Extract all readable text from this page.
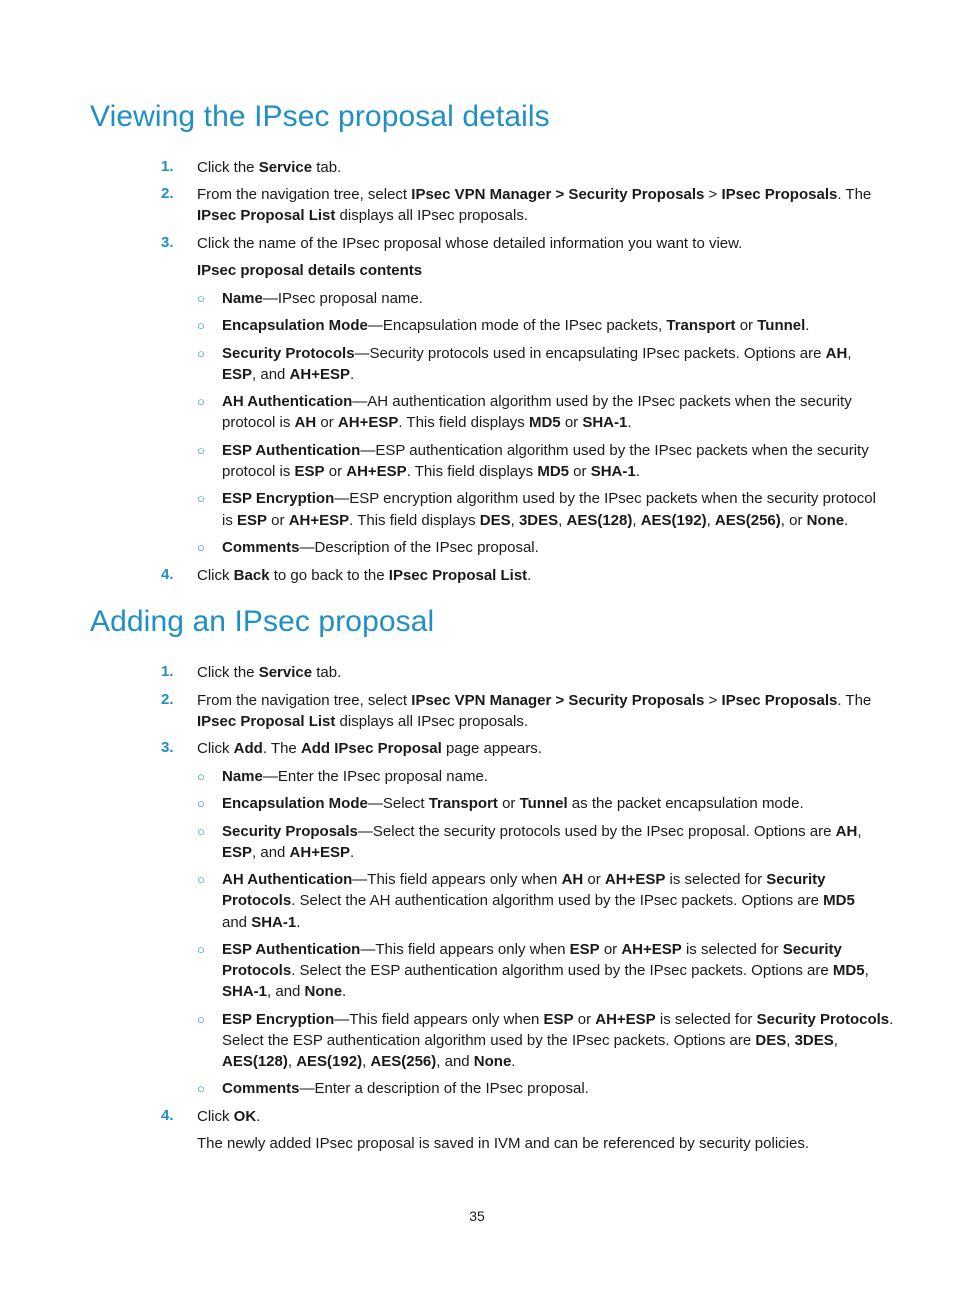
Viewing the IPsec proposal details
1. Click the Service tab.
2. From the navigation tree, select IPsec VPN Manager > Security Proposals > IPsec Proposals. The
IPsec Proposal List displays all IPsec proposals.
3. Click the name of the IPsec proposal whose detailed information you want to view.
IPsec proposal details contents
○ Name—IPsec proposal name.
○ Encapsulation Mode—Encapsulation mode of the IPsec packets, Transport or Tunnel.
○ Security Protocols—Security protocols used in encapsulating IPsec packets. Options are AH,
ESP, and AH+ESP.
○ AH Authentication—AH authentication algorithm used by the IPsec packets when the security
protocol is AH or AH+ESP. This field displays MD5 or SHA-1.
○ ESP Authentication—ESP authentication algorithm used by the IPsec packets when the security
protocol is ESP or AH+ESP. This field displays MD5 or SHA-1.
○ ESP Encryption—ESP encryption algorithm used by the IPsec packets when the security protocol
is ESP or AH+ESP. This field displays DES, 3DES, AES(128), AES(192), AES(256), or None.
○ Comments—Description of the IPsec proposal.
4. Click Back to go back to the IPsec Proposal List.
Adding an IPsec proposal
1. Click the Service tab.
2. From the navigation tree, select IPsec VPN Manager > Security Proposals > IPsec Proposals. The
IPsec Proposal List displays all IPsec proposals.
3. Click Add. The Add IPsec Proposal page appears.
○ Name—Enter the IPsec proposal name.
○ Encapsulation Mode—Select Transport or Tunnel as the packet encapsulation mode.
○ Security Proposals—Select the security protocols used by the IPsec proposal. Options are AH,
ESP, and AH+ESP.
○ AH Authentication—This field appears only when AH or AH+ESP is selected for Security
Protocols. Select the AH authentication algorithm used by the IPsec packets. Options are MD5
and SHA-1.
○ ESP Authentication—This field appears only when ESP or AH+ESP is selected for Security
Protocols. Select the ESP authentication algorithm used by the IPsec packets. Options are MD5,
SHA-1, and None.
○ ESP Encryption—This field appears only when ESP or AH+ESP is selected for Security Protocols.
Select the ESP authentication algorithm used by the IPsec packets. Options are DES, 3DES,
AES(128), AES(192), AES(256), and None.
○ Comments—Enter a description of the IPsec proposal.
4. Click OK.
The newly added IPsec proposal is saved in IVM and can be referenced by security policies.
35
